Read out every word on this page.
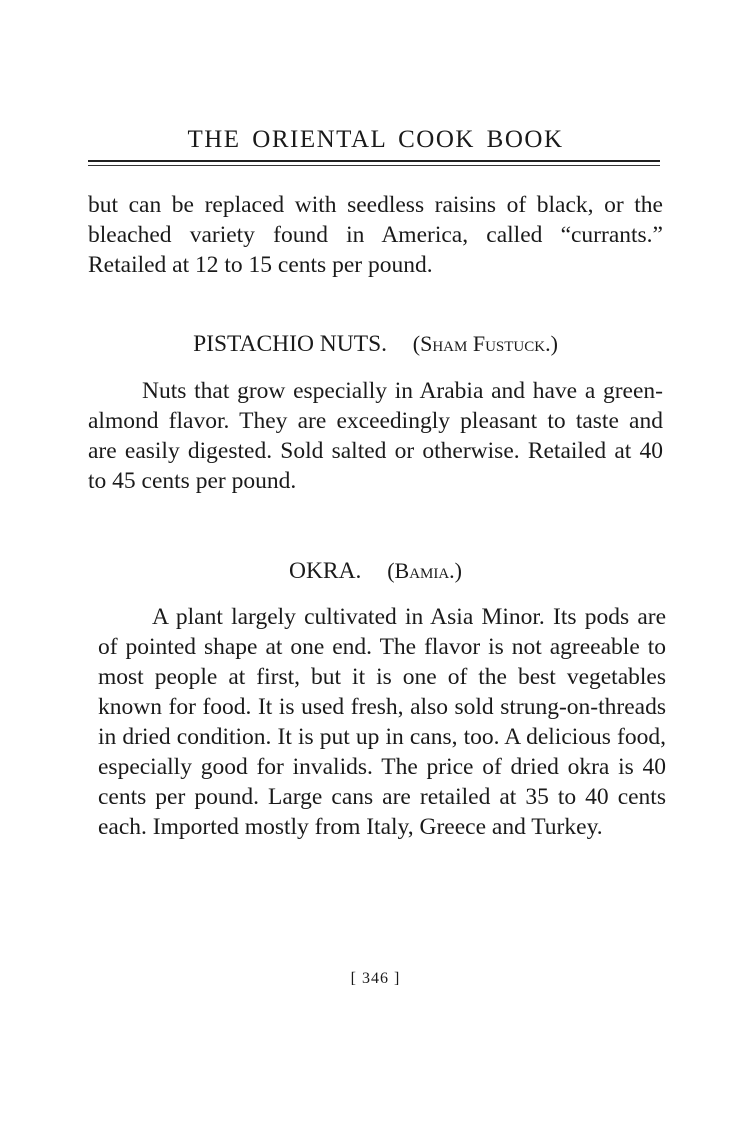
THE ORIENTAL COOK BOOK

but can be replaced with seedless raisins of black, or the bleached variety found in America, called “currants.” Retailed at 12 to 15 cents per pound.

PISTACHIO NUTS. (Sham Fustuck.)

Nuts that grow especially in Arabia and have a green-almond flavor. They are exceedingly pleasant to taste and are easily digested. Sold salted or otherwise. Retailed at 40 to 45 cents per pound.

OKRA. (Bamia.)

A plant largely cultivated in Asia Minor. Its pods are of pointed shape at one end. The flavor is not agreeable to most people at first, but it is one of the best vegetables known for food. It is used fresh, also sold strung-on-threads in dried condition. It is put up in cans, too. A delicious food, especially good for invalids. The price of dried okra is 40 cents per pound. Large cans are retailed at 35 to 40 cents each. Imported mostly from Italy, Greece and Turkey.

[ 346 ]
